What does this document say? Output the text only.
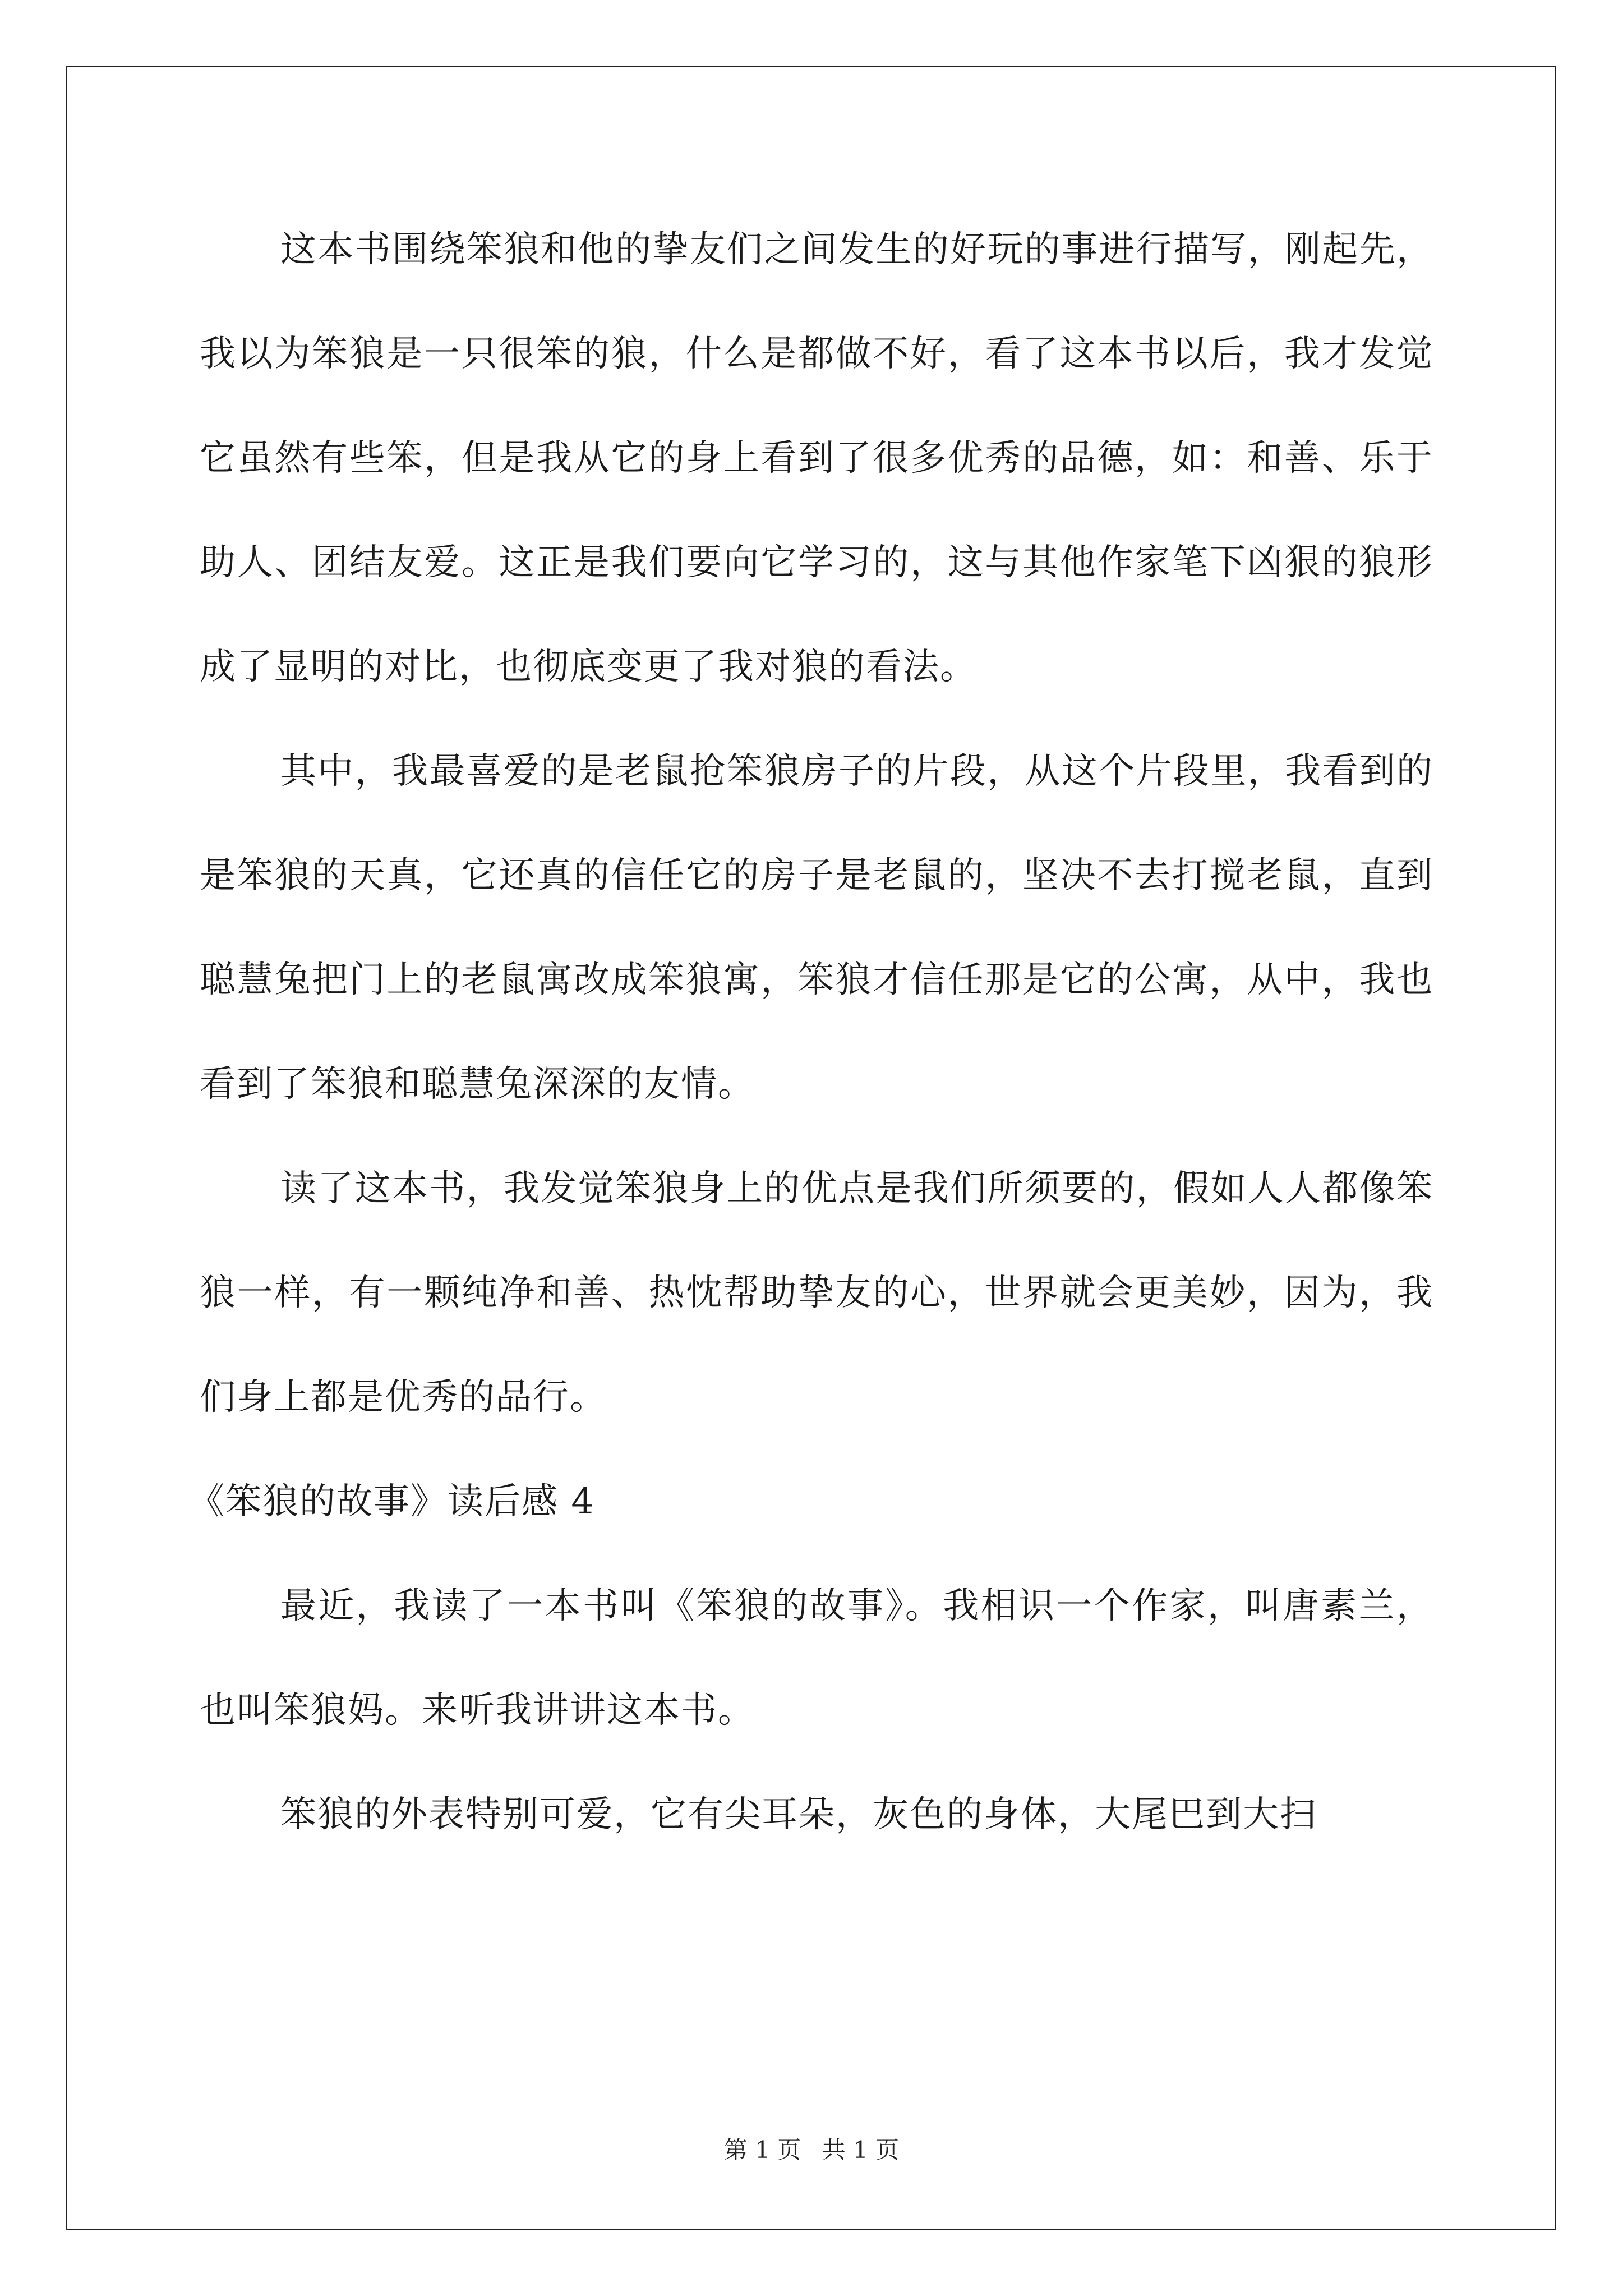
这本书围绕笨狼和他的挚友们之间发生的好玩的事进行描写，刚起先，我以为笨狼是一只很笨的狼，什么是都做不好，看了这本书以后，我才发觉它虽然有些笨，但是我从它的身上看到了很多优秀的品德，如：和善、乐于助人、团结友爱。这正是我们要向它学习的，这与其他作家笔下凶狠的狼形成了显明的对比，也彻底变更了我对狼的看法。

其中，我最喜爱的是老鼠抢笨狼房子的片段，从这个片段里，我看到的是笨狼的天真，它还真的信任它的房子是老鼠的，坚决不去打搅老鼠，直到聪慧兔把门上的老鼠寓改成笨狼寓，笨狼才信任那是它的公寓，从中，我也看到了笨狼和聪慧兔深深的友情。

读了这本书，我发觉笨狼身上的优点是我们所须要的，假如人人都像笨狼一样，有一颗纯净和善、热忱帮助挚友的心，世界就会更美妙，因为，我们身上都是优秀的品行。

《笨狼的故事》读后感 4

最近，我读了一本书叫《笨狼的故事》。我相识一个作家，叫唐素兰，也叫笨狼妈。来听我讲讲这本书。

笨狼的外表特别可爱，它有尖耳朵，灰色的身体，大尾巴到大扫

第 1 页 共 1 页
